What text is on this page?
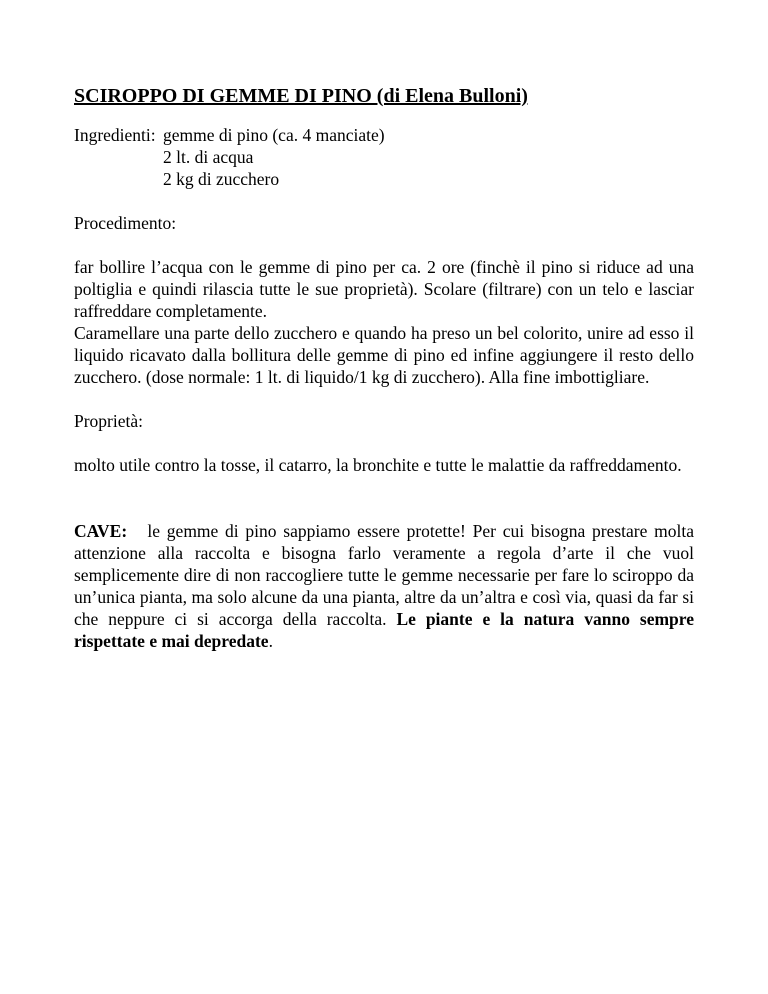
SCIROPPO DI GEMME DI PINO (di Elena Bulloni)
Ingredienti: gemme di pino (ca. 4 manciate)
2 lt. di acqua
2 kg di zucchero
Procedimento:

far bollire l’acqua con le gemme di pino per ca. 2 ore (finchè il pino si riduce ad una poltiglia e quindi rilascia tutte le sue proprietà). Scolare (filtrare) con un telo e lasciar raffreddare completamente.

Caramellare una parte dello zucchero e quando ha preso un bel colorito, unire ad esso il liquido ricavato dalla bollitura delle gemme di pino ed infine aggiungere il resto dello zucchero. (dose normale: 1 lt. di liquido/1 kg di zucchero). Alla fine imbottigliare.

Proprietà:

molto utile contro la tosse, il catarro, la bronchite e tutte le malattie da raffreddamento.

CAVE: le gemme di pino sappiamo essere protette! Per cui bisogna prestare molta attenzione alla raccolta e bisogna farlo veramente a regola d’arte il che vuol semplicemente dire di non raccogliere tutte le gemme necessarie per fare lo sciroppo da un’unica pianta, ma solo alcune da una pianta, altre da un’altra e così via, quasi da far si che neppure ci si accorga della raccolta. Le piante e la natura vanno sempre rispettate e mai depredate.
